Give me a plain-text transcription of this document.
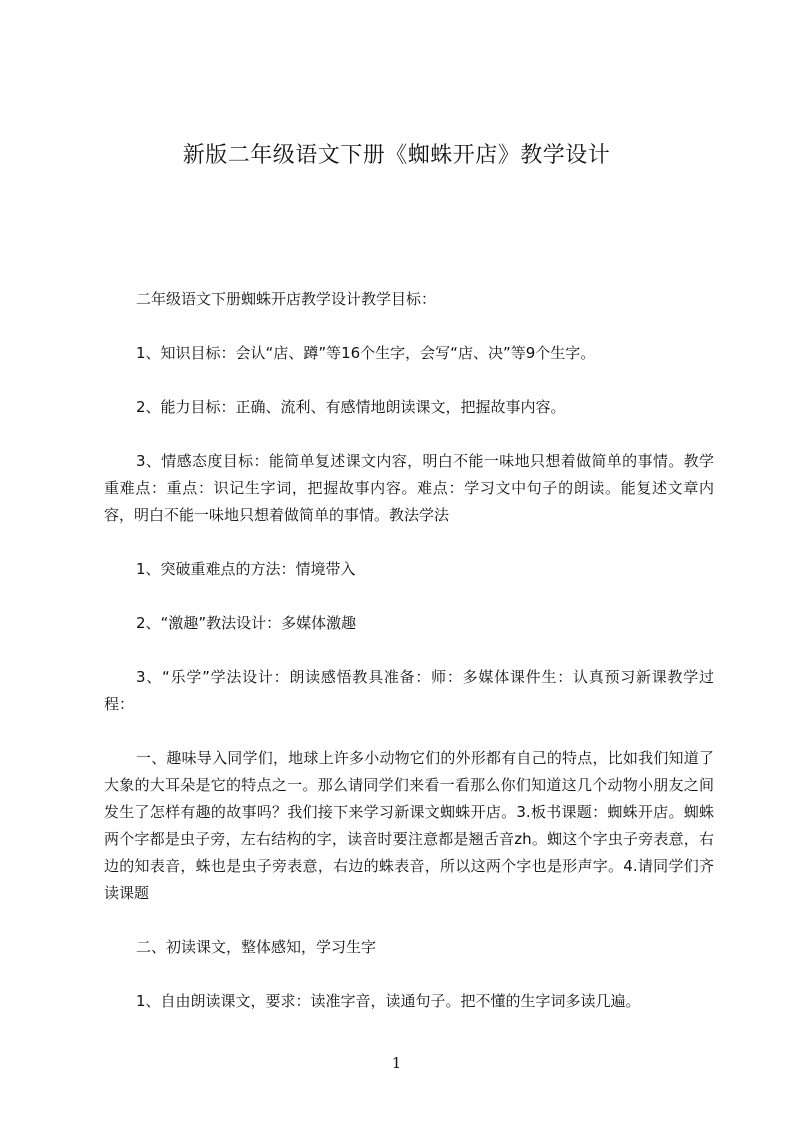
新版二年级语文下册《蜘蛛开店》教学设计

二年级语文下册蜘蛛开店教学设计教学目标：

1、知识目标：会认“店、蹲”等16个生字，会写“店、决”等9个生字。

2、能力目标：正确、流利、有感情地朗读课文，把握故事内容。

3、情感态度目标：能简单复述课文内容，明白不能一味地只想着做简单的事情。教学重难点：重点：识记生字词，把握故事内容。难点：学习文中句子的朗读。能复述文章内容，明白不能一味地只想着做简单的事情。教法学法

1、突破重难点的方法：情境带入

2、“激趣”教法设计：多媒体激趣

3、“乐学”学法设计：朗读感悟教具准备：师：多媒体课件生：认真预习新课教学过程：

一、趣味导入同学们，地球上许多小动物它们的外形都有自己的特点，比如我们知道了大象的大耳朵是它的特点之一。那么请同学们来看一看那么你们知道这几个动物小朋友之间发生了怎样有趣的故事吗？我们接下来学习新课文蜘蛛开店。3.板书课题：蜘蛛开店。蜘蛛两个字都是虫子旁，左右结构的字，读音时要注意都是翘舌音zh。蜘这个字虫子旁表意，右边的知表音，蛛也是虫子旁表意，右边的蛛表音，所以这两个字也是形声字。4.请同学们齐读课题

二、初读课文，整体感知，学习生字

1、自由朗读课文，要求：读准字音，读通句子。把不懂的生字词多读几遍。

1
